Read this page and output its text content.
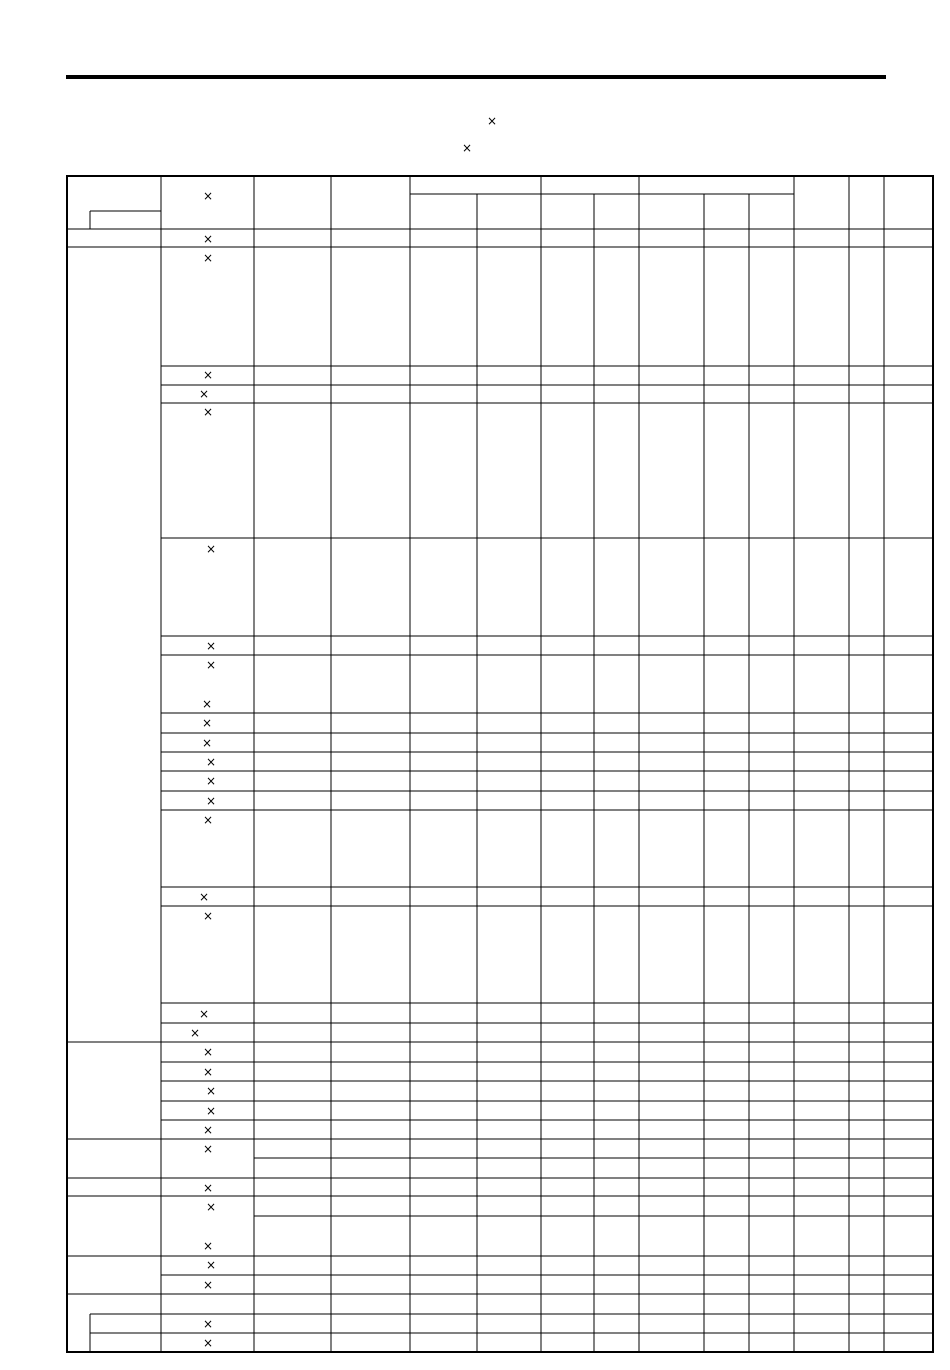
×
×
×
×
×
×
×
×
×
×
×
×
×
×
×
×
×
×
×
×
×
×
×
×
×
×
×
×
×
×
×
×
×
×
×
